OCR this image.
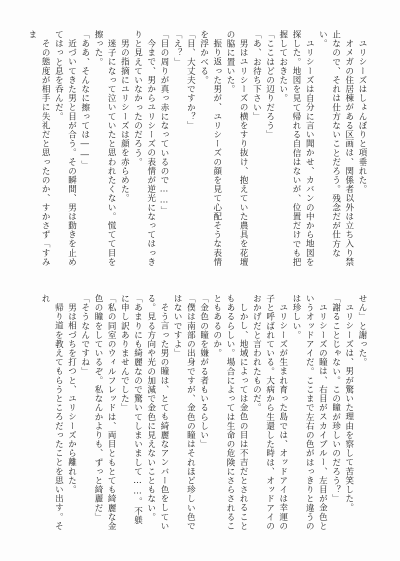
ユリシーズはしょんぼりと項垂れた。

オメガの住居棟がある区画は、関係者以外は立ち入り禁止なので、それは仕方ないことだろう。残念だが仕方ない。

ユリシーズは自分に言い聞かせ、カバンの中から地図を探した。地図を見て帰れる自信はないが、位置だけでも把握しておきたい。

「ここはどの辺りだろう」

「あ、お待ち下さい」

男はユリシーズの横をすり抜け、抱えていた農具を花壇の脇に置いた。

振り返った男が、ユリシーズの顔を見て心配そうな表情を浮かべる。

「目、大丈夫ですか？」

「え？」

「目の周りが真っ赤になっているので……」

今まで、男からユリシーズの表情が逆光になってはっきりと見えていなかったのだろう。

男の指摘にユリシーズは顔を赤らめた。

迷子になって泣いていたと思われたくない。慌てて目を擦った。

「ああ、そんなに擦っては――」

近づいてきた男と目が合う。その瞬間、男は動きを止めてはっと息を呑んだ。

その態度が相手に失礼だと思ったのか、すかさず「すみま

せん」と謝った。

ユリシーズは、男が驚いた理由を察して苦笑した。

「謝ることじゃない。この瞳が珍しいのだろう？」

ユリシーズの瞳は、右目がスカイブルー、左目が金色というオッドアイだ。ここまで左右の色がはっきりと違うのは珍しい。

ユリシーズが生まれ育った島では、オッドアイは幸運の子と呼ばれている。大病から生還した時は、オッドアイのおかげだと言われたものだ。

しかし、地域によっては金色の目は不吉だとされることもあるらしい。場合によっては生命の危険にさらされることもあるのか。

「金色の瞳を嫌がる者もいるらしい」

「僕は南部の出身ですが、金色の瞳はそれほど珍しい色ではないですよ」

そう言った男の瞳は、とても綺麗なアンバー色をしている。見る方向や光の加減で金色に見えないこともない。

「あまりにも綺麗なので驚いてしまいまして……。不躾に申し訳ありませんでした」

「私の同室のウィルフレッドは、両目ともとても綺麗な金色の瞳をしているぞ。私なんかよりも、ずっと綺麗だ」

「そうなんですね」

男は相づちを打つと、ユリシーズから離れた。

帰り道を教えてもらうところだったことを思い出す。それ
